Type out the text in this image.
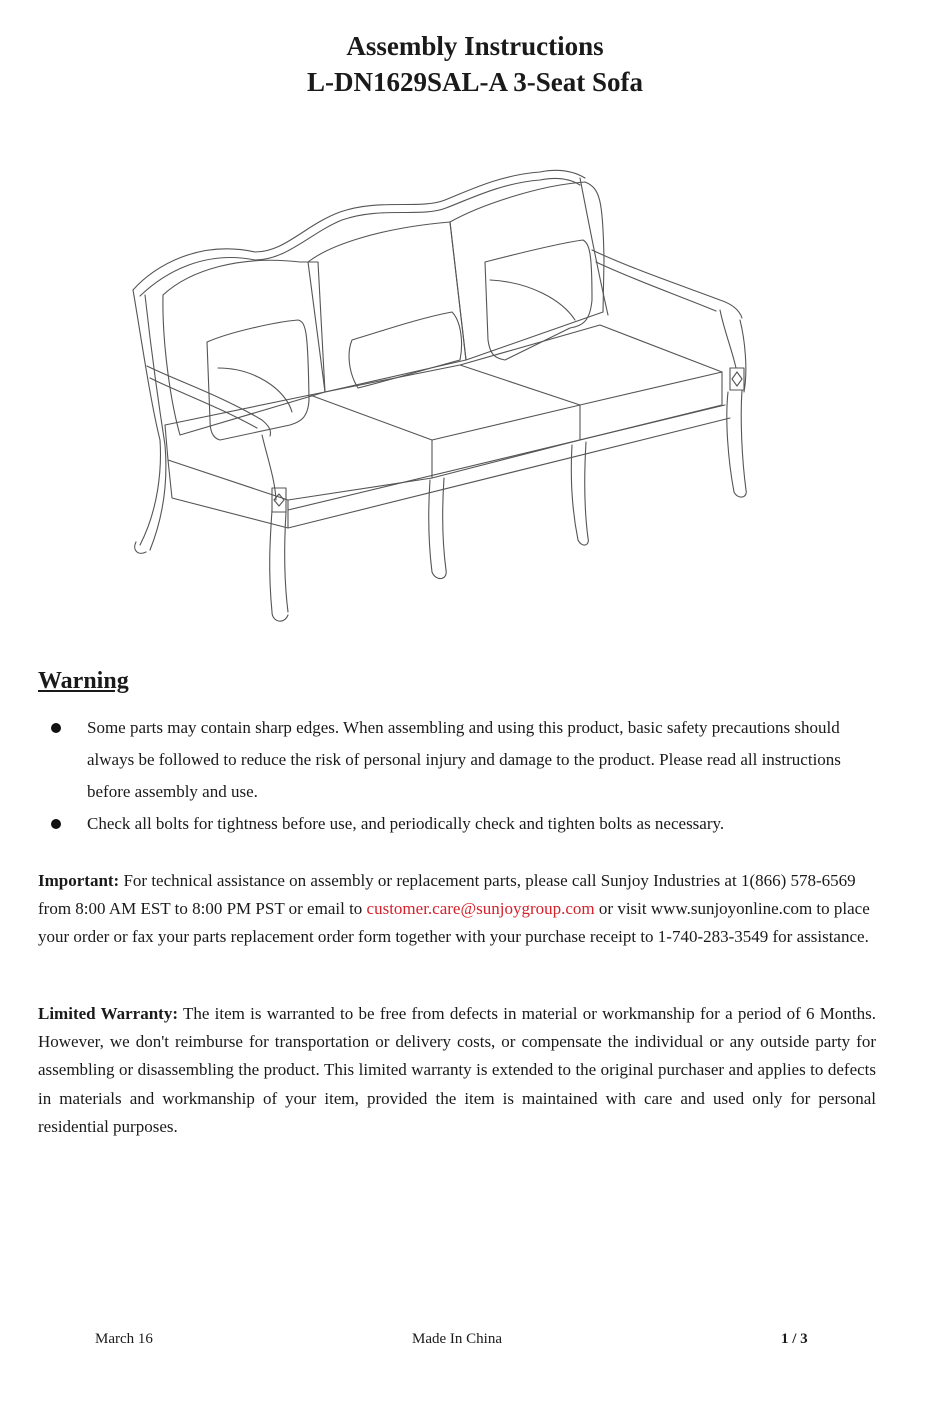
Assembly Instructions
L-DN1629SAL-A 3-Seat Sofa
Warning
Some parts may contain sharp edges. When assembling and using this product, basic safety precautions should always be followed to reduce the risk of personal injury and damage to the product. Please read all instructions before assembly and use.
Check all bolts for tightness before use, and periodically check and tighten bolts as necessary.

Important: For technical assistance on assembly or replacement parts, please call Sunjoy Industries at 1(866) 578-6569 from 8:00 AM EST to 8:00 PM PST or email to customer.care@sunjoygroup.com or visit www.sunjoyonline.com to place your order or fax your parts replacement order form together with your purchase receipt to 1-740-283-3549 for assistance.

Limited Warranty: The item is warranted to be free from defects in material or workmanship for a period of 6 Months. However, we don't reimburse for transportation or delivery costs, or compensate the individual or any outside party for assembling or disassembling the product. This limited warranty is extended to the original purchaser and applies to defects in materials and workmanship of your item, provided the item is maintained with care and used only for personal residential purposes.

March 16	Made In China	1 / 3
